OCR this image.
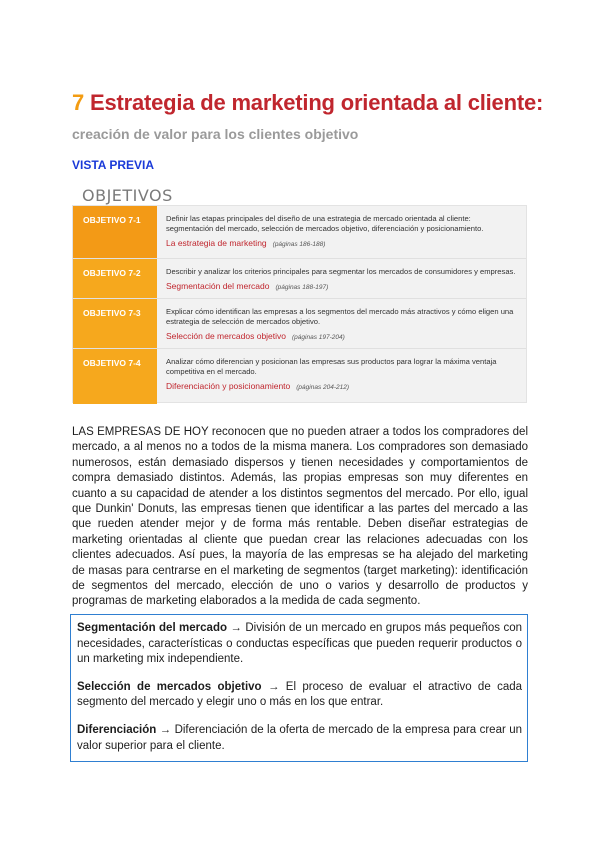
7 Estrategia de marketing orientada al cliente:
creación de valor para los clientes objetivo
VISTA PREVIA
OBJETIVOS
OBJETIVO 7-1	Definir las etapas principales del diseño de una estrategia de mercado orientada al cliente: segmentación del mercado, selección de mercados objetivo, diferenciación y posicionamiento.
La estrategia de marketing (páginas 186-188)
OBJETIVO 7-2	Describir y analizar los criterios principales para segmentar los mercados de consumidores y empresas.
Segmentación del mercado (páginas 188-197)
OBJETIVO 7-3	Explicar cómo identifican las empresas a los segmentos del mercado más atractivos y cómo eligen una estrategia de selección de mercados objetivo.
Selección de mercados objetivo (páginas 197-204)
OBJETIVO 7-4	Analizar cómo diferencian y posicionan las empresas sus productos para lograr la máxima ventaja competitiva en el mercado.
Diferenciación y posicionamiento (páginas 204-212)

LAS EMPRESAS DE HOY reconocen que no pueden atraer a todos los compradores del mercado, a al menos no a todos de la misma manera. Los compradores son demasiado numerosos, están demasiado dispersos y tienen necesidades y comportamientos de compra demasiado distintos. Además, las propias empresas son muy diferentes en cuanto a su capacidad de atender a los distintos segmentos del mercado. Por ello, igual que Dunkin' Donuts, las empresas tienen que identificar a las partes del mercado a las que rueden atender mejor y de forma más rentable. Deben diseñar estrategias de marketing orientadas al cliente que puedan crear las relaciones adecuadas con los clientes adecuados. Así pues, la mayoría de las empresas se ha alejado del marketing de masas para centrarse en el marketing de segmentos (target marketing): identificación de segmentos del mercado, elección de uno o varios y desarrollo de productos y programas de marketing elaborados a la medida de cada segmento.

Segmentación del mercado → División de un mercado en grupos más pequeños con necesidades, características o conductas específicas que pueden requerir productos o un marketing mix independiente.

Selección de mercados objetivo → El proceso de evaluar el atractivo de cada segmento del mercado y elegir uno o más en los que entrar.

Diferenciación → Diferenciación de la oferta de mercado de la empresa para crear un valor superior para el cliente.
